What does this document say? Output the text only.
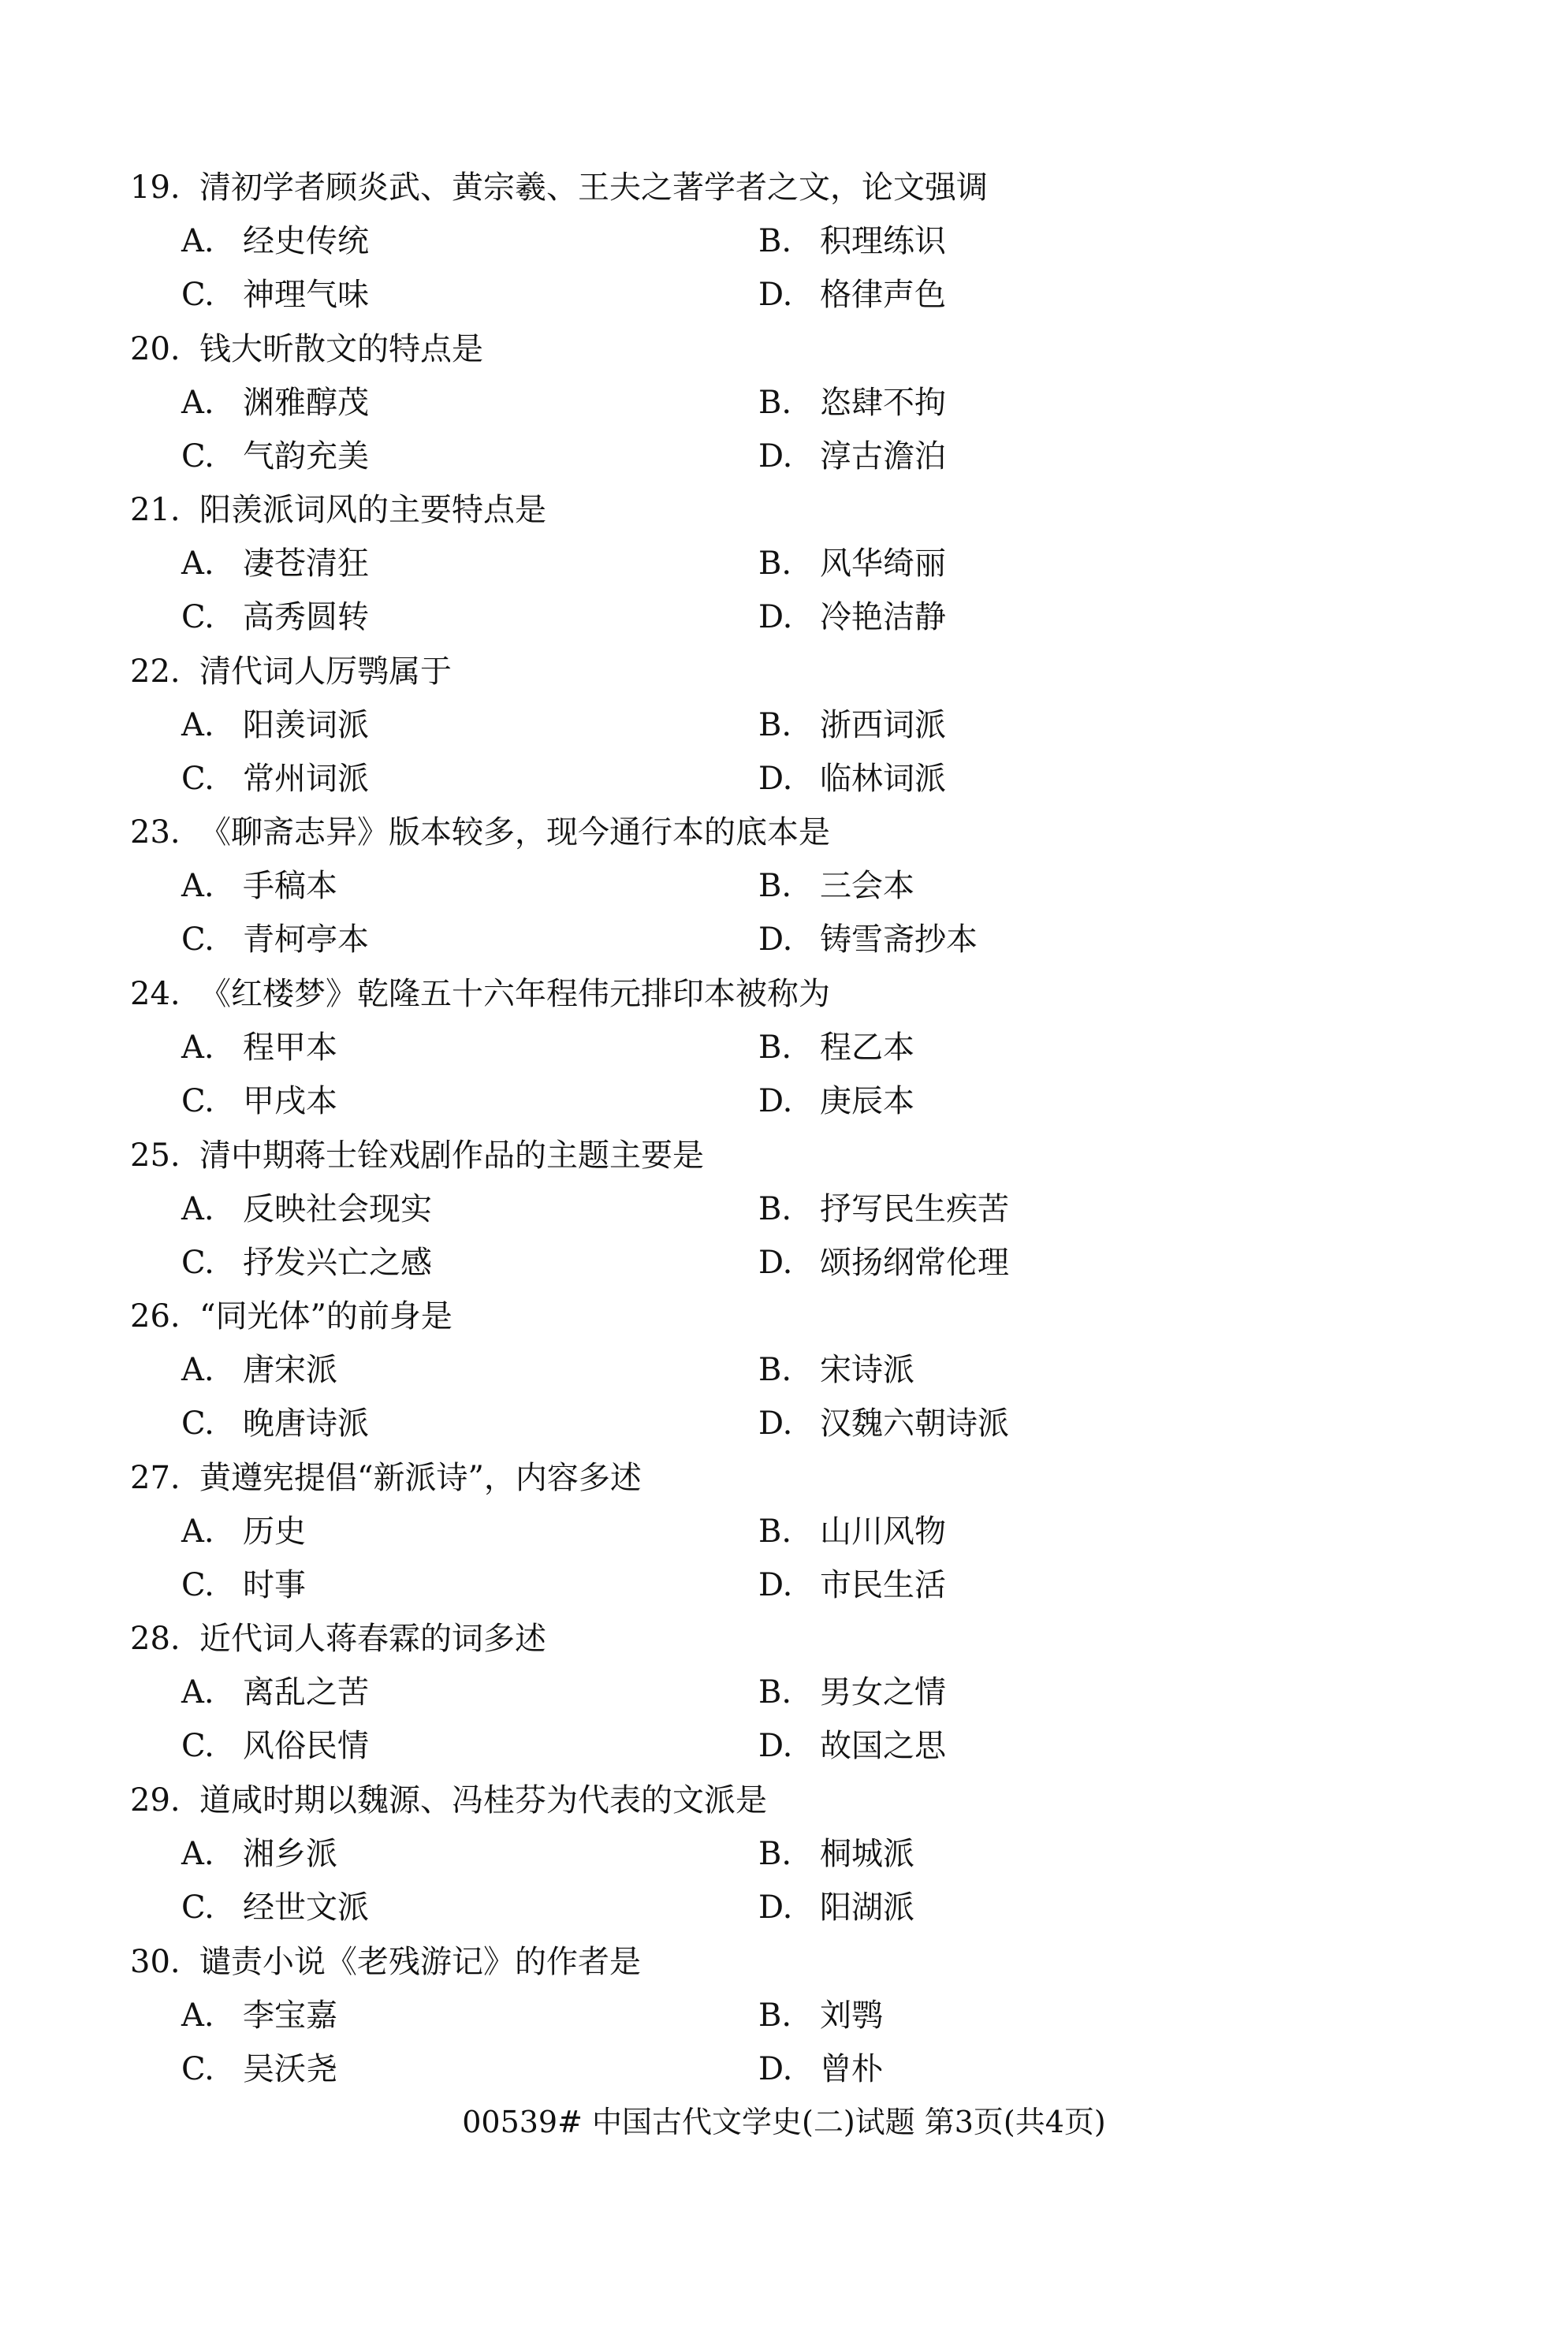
19. 清初学者顾炎武、黄宗羲、王夫之著学者之文，论文强调
A. 经史传统	B. 积理练识
C. 神理气味	D. 格律声色
20. 钱大昕散文的特点是
A. 渊雅醇茂	B. 恣肆不拘
C. 气韵充美	D. 淳古澹泊
21. 阳羡派词风的主要特点是
A. 凄苍清狂	B. 风华绮丽
C. 高秀圆转	D. 冷艳洁静
22. 清代词人厉鹗属于
A. 阳羡词派	B. 浙西词派
C. 常州词派	D. 临林词派
23. 《聊斋志异》版本较多，现今通行本的底本是
A. 手稿本	B. 三会本
C. 青柯亭本	D. 铸雪斋抄本
24. 《红楼梦》乾隆五十六年程伟元排印本被称为
A. 程甲本	B. 程乙本
C. 甲戌本	D. 庚辰本
25. 清中期蒋士铨戏剧作品的主题主要是
A. 反映社会现实	B. 抒写民生疾苦
C. 抒发兴亡之感	D. 颂扬纲常伦理
26. “同光体”的前身是
A. 唐宋派	B. 宋诗派
C. 晚唐诗派	D. 汉魏六朝诗派
27. 黄遵宪提倡“新派诗”，内容多述
A. 历史	B. 山川风物
C. 时事	D. 市民生活
28. 近代词人蒋春霖的词多述
A. 离乱之苦	B. 男女之情
C. 风俗民情	D. 故国之思
29. 道咸时期以魏源、冯桂芬为代表的文派是
A. 湘乡派	B. 桐城派
C. 经世文派	D. 阳湖派
30. 谴责小说《老残游记》的作者是
A. 李宝嘉	B. 刘鹗
C. 吴沃尧	D. 曾朴
00539# 中国古代文学史(二)试题 第3页(共4页)
